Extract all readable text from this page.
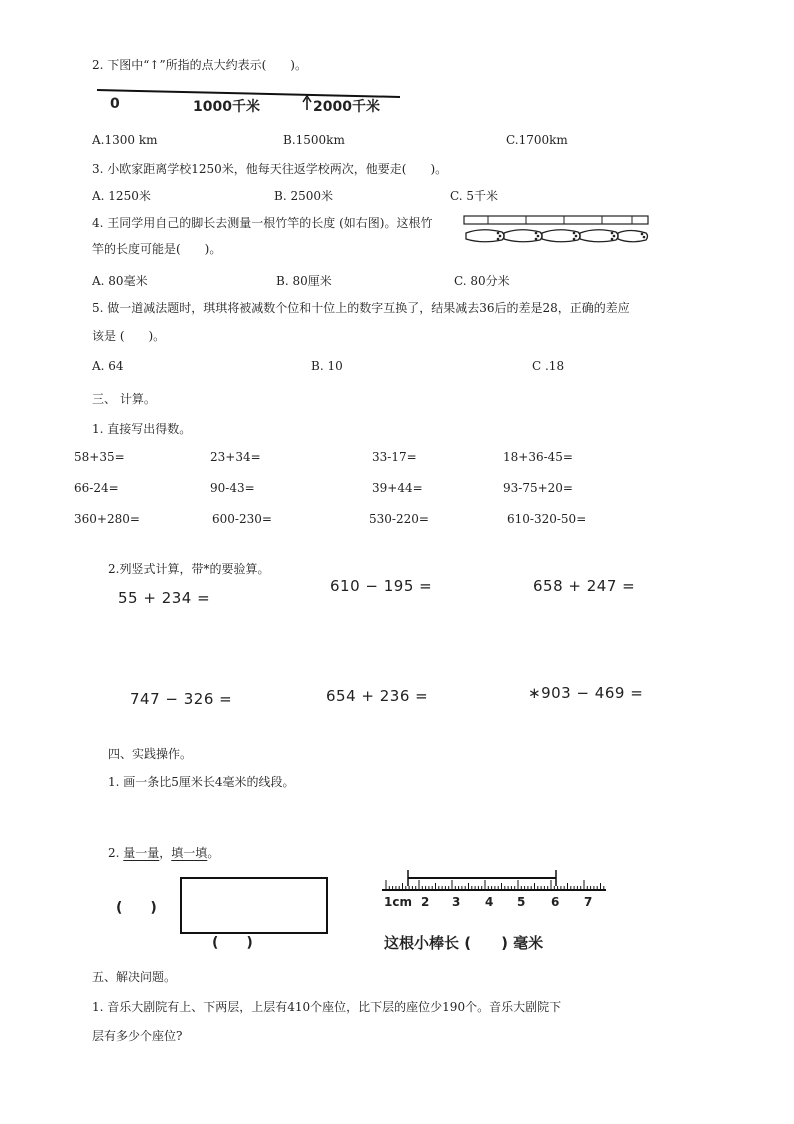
2. 下图中“↑”所指的点大约表示(　　)。
0	1000千米	2000千米
A.1300 km	B.1500km	C.1700km
3. 小欧家距离学校1250米，他每天往返学校两次，他要走(　　)。
A. 1250米	B. 2500米	C. 5千米
4. 王同学用自己的脚长去测量一根竹竿的长度 (如右图)。这根竹
竿的长度可能是(　　)。
A. 80毫米	B. 80厘米	C. 80分米
5. 做一道减法题时，琪琪将被减数个位和十位上的数字互换了，结果减去36后的差是28，正确的差应
该是 (　　)。
A. 64	B. 10	C .18
三、 计算。
1. 直接写出得数。
58+35=	23+34=	33-17=	18+36-45=
66-24=	90-43=	39+44=	93-75+20=
360+280=	600-230=	530-220=	610-320-50=
2.列竖式计算，带*的要验算。
55 + 234 =
610 − 195 =	658 + 247 =
747 − 326 =	654 + 236 =	∗903 − 469 =
四、实践操作。
1. 画一条比5厘米长4毫米的线段。
2. 量一量，填一填。
(　　)
(　　)
1cm 2 3 4 5 6 7
这根小棒长 (　　) 毫米
五、解决问题。
1. 音乐大剧院有上、下两层，上层有410个座位，比下层的座位少190个。音乐大剧院下
层有多少个座位?
